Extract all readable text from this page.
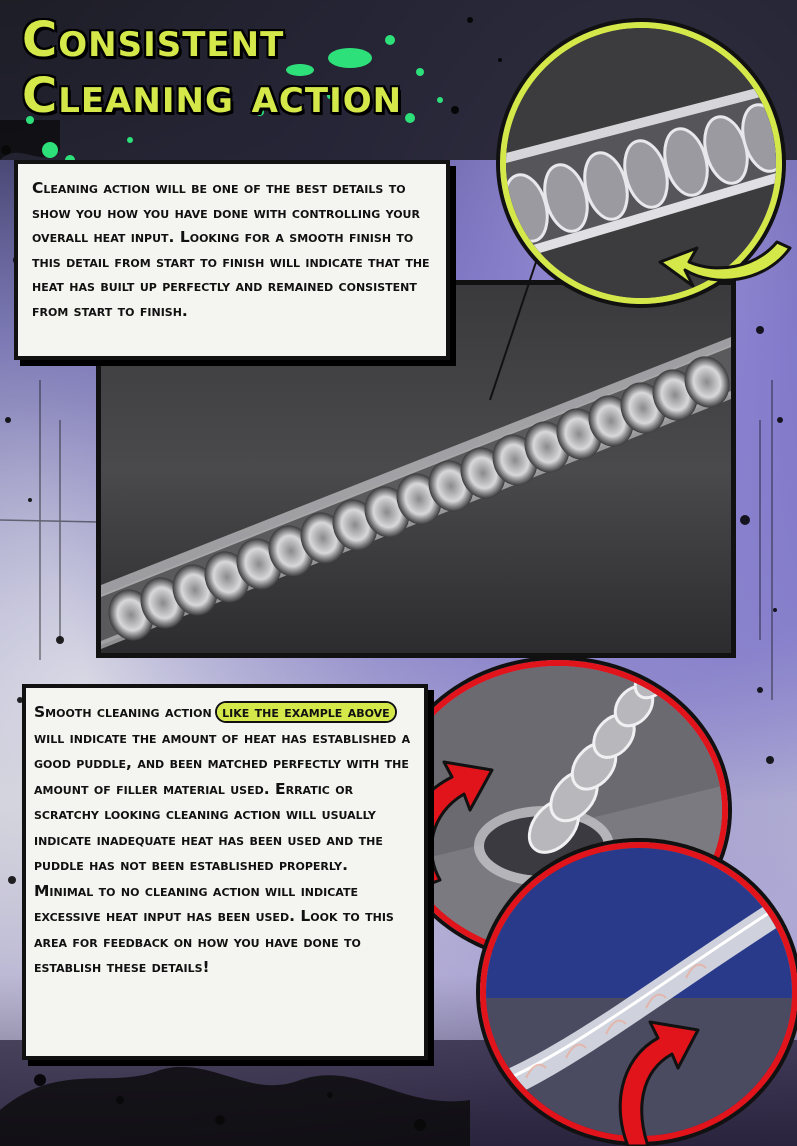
Consistent
Cleaning action
Cleaning action will be one of the best details to show you how you have done with controlling your overall heat input. Looking for a smooth finish to this detail from start to finish will indicate that the heat has built up perfectly and remained consistent from start to finish.
Smooth cleaning action like the example above will indicate the amount of heat has established a good puddle, and been matched perfectly with the amount of filler material used. Erratic or scratchy looking cleaning action will usually indicate inadequate heat has been used and the puddle has not been established properly. Minimal to no cleaning action will indicate excessive heat input has been used. Look to this area for feedback on how you have done to establish these details!
